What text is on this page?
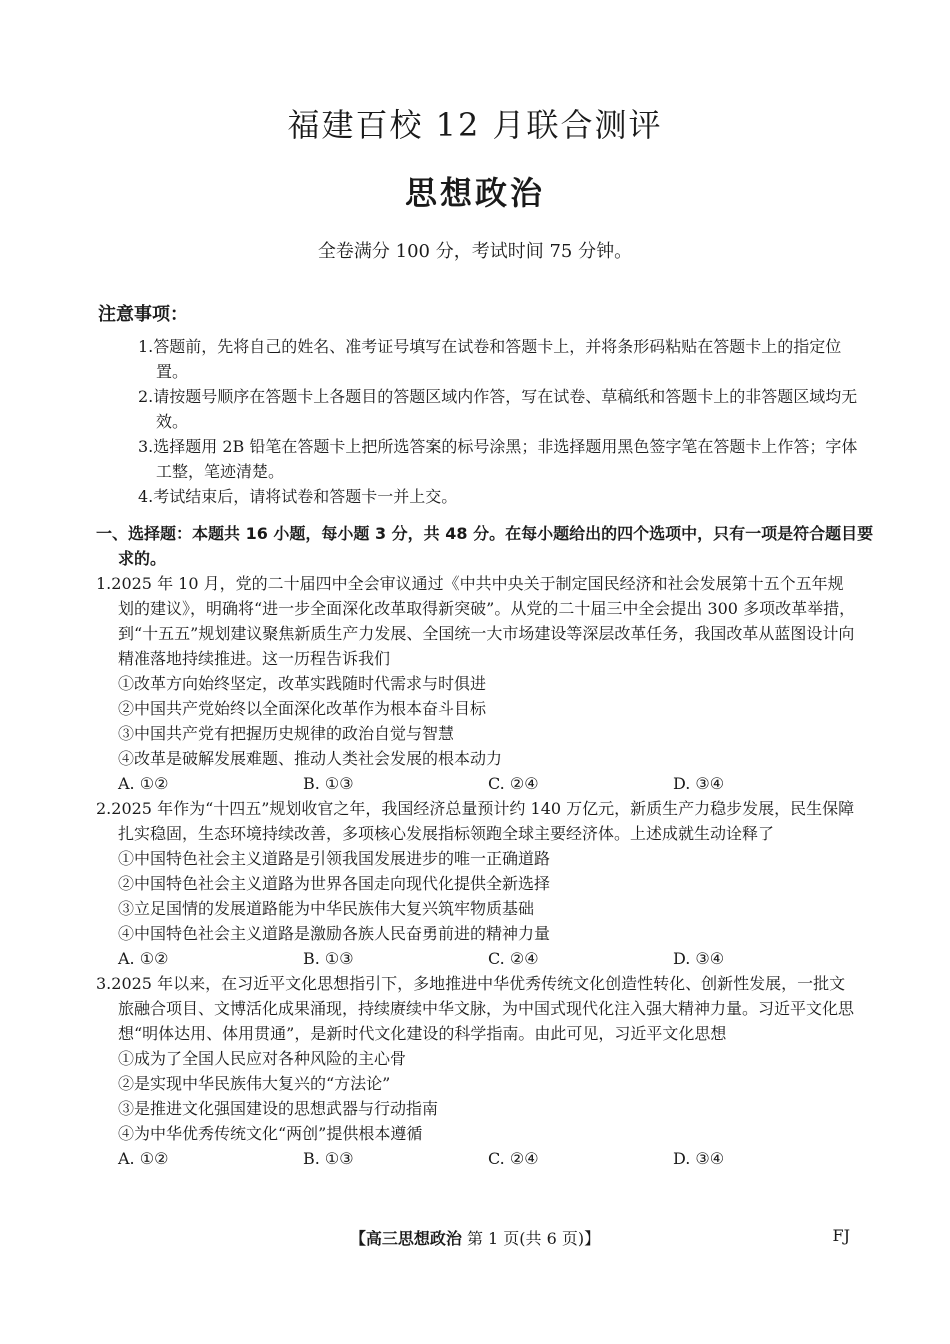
福建百校 12 月联合测评
思想政治
全卷满分 100 分，考试时间 75 分钟。
注意事项：
1.答题前，先将自己的姓名、准考证号填写在试卷和答题卡上，并将条形码粘贴在答题卡上的指定位置。
2.请按题号顺序在答题卡上各题目的答题区域内作答，写在试卷、草稿纸和答题卡上的非答题区域均无效。
3.选择题用 2B 铅笔在答题卡上把所选答案的标号涂黑；非选择题用黑色签字笔在答题卡上作答；字体工整，笔迹清楚。
4.考试结束后，请将试卷和答题卡一并上交。
一、选择题：本题共 16 小题，每小题 3 分，共 48 分。在每小题给出的四个选项中，只有一项是符合题目要求的。
1.2025 年 10 月，党的二十届四中全会审议通过《中共中央关于制定国民经济和社会发展第十五个五年规划的建议》，明确将“进一步全面深化改革取得新突破”。从党的二十届三中全会提出 300 多项改革举措，到“十五五”规划建议聚焦新质生产力发展、全国统一大市场建设等深层改革任务，我国改革从蓝图设计向精准落地持续推进。这一历程告诉我们
①改革方向始终坚定，改革实践随时代需求与时俱进
②中国共产党始终以全面深化改革作为根本奋斗目标
③中国共产党有把握历史规律的政治自觉与智慧
④改革是破解发展难题、推动人类社会发展的根本动力
A. ①②	B. ①③	C. ②④	D. ③④
2.2025 年作为“十四五”规划收官之年，我国经济总量预计约 140 万亿元，新质生产力稳步发展，民生保障扎实稳固，生态环境持续改善，多项核心发展指标领跑全球主要经济体。上述成就生动诠释了
①中国特色社会主义道路是引领我国发展进步的唯一正确道路
②中国特色社会主义道路为世界各国走向现代化提供全新选择
③立足国情的发展道路能为中华民族伟大复兴筑牢物质基础
④中国特色社会主义道路是激励各族人民奋勇前进的精神力量
A. ①②	B. ①③	C. ②④	D. ③④
3.2025 年以来，在习近平文化思想指引下，多地推进中华优秀传统文化创造性转化、创新性发展，一批文旅融合项目、文博活化成果涌现，持续赓续中华文脉，为中国式现代化注入强大精神力量。习近平文化思想“明体达用、体用贯通”，是新时代文化建设的科学指南。由此可见，习近平文化思想
①成为了全国人民应对各种风险的主心骨
②是实现中华民族伟大复兴的“方法论”
③是推进文化强国建设的思想武器与行动指南
④为中华优秀传统文化“两创”提供根本遵循
A. ①②	B. ①③	C. ②④	D. ③④
【高三思想政治 第 1 页(共 6 页)】	FJ
